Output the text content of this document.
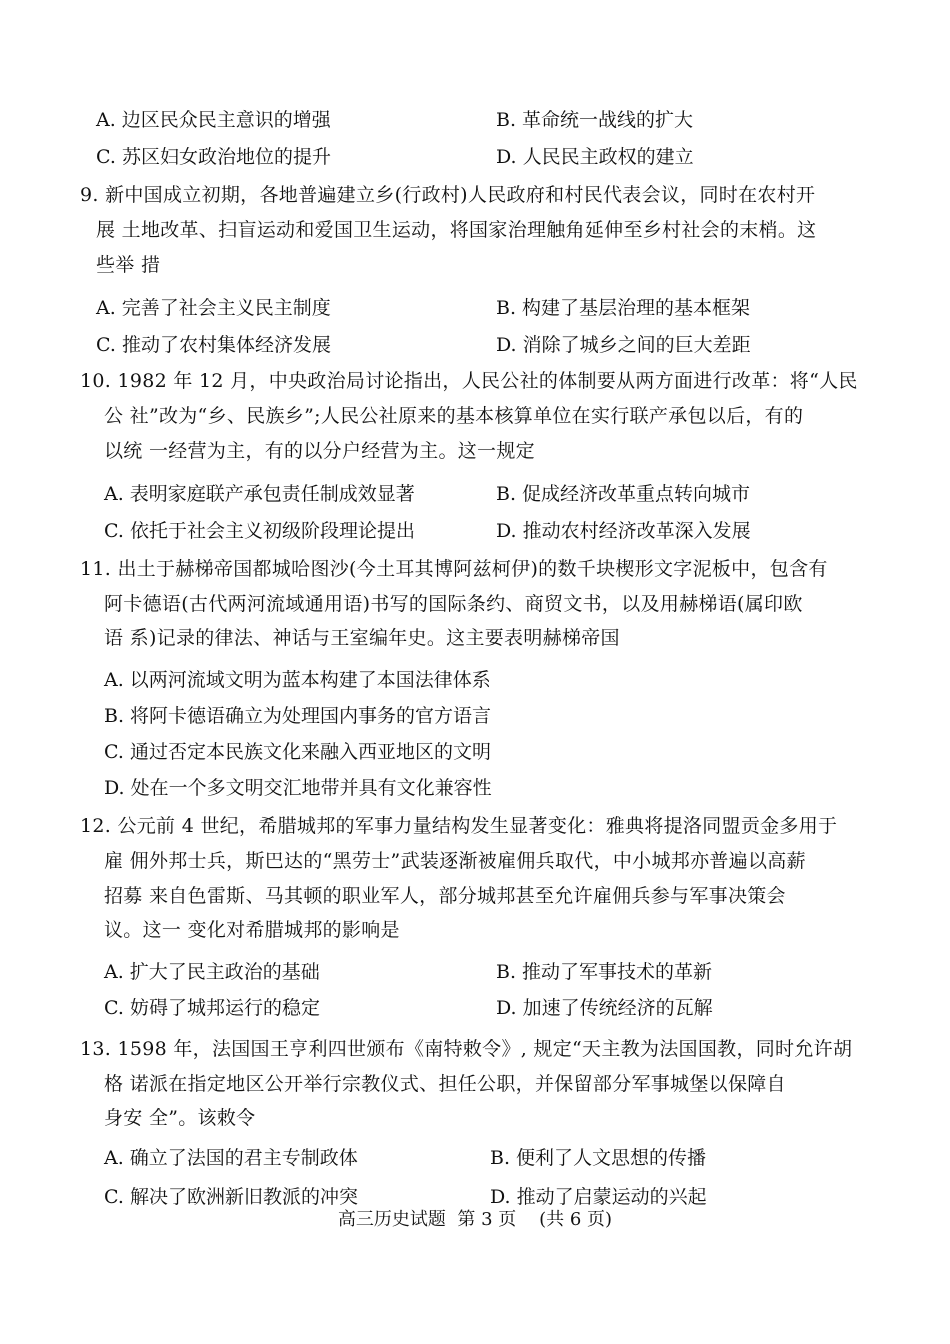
A. 边区民众民主意识的增强	B. 革命统一战线的扩大
C. 苏区妇女政治地位的提升	D. 人民民主政权的建立
9. 新中国成立初期，各地普遍建立乡(行政村)人民政府和村民代表会议，同时在农村开
展 土地改革、扫盲运动和爱国卫生运动，将国家治理触角延伸至乡村社会的末梢。这
些举 措
A. 完善了社会主义民主制度	B. 构建了基层治理的基本框架
C. 推动了农村集体经济发展	D. 消除了城乡之间的巨大差距
10. 1982 年 12 月，中央政治局讨论指出，人民公社的体制要从两方面进行改革：将“人民
公 社”改为“乡、民族乡”;人民公社原来的基本核算单位在实行联产承包以后，有的
以统 一经营为主，有的以分户经营为主。这一规定
A. 表明家庭联产承包责任制成效显著	B. 促成经济改革重点转向城市
C. 依托于社会主义初级阶段理论提出	D. 推动农村经济改革深入发展
11. 出土于赫梯帝国都城哈图沙(今土耳其博阿兹柯伊)的数千块楔形文字泥板中，包含有
阿卡德语(古代两河流域通用语)书写的国际条约、商贸文书，以及用赫梯语(属印欧
语 系)记录的律法、神话与王室编年史。这主要表明赫梯帝国
A. 以两河流域文明为蓝本构建了本国法律体系
B. 将阿卡德语确立为处理国内事务的官方语言
C. 通过否定本民族文化来融入西亚地区的文明
D. 处在一个多文明交汇地带并具有文化兼容性
12. 公元前 4 世纪，希腊城邦的军事力量结构发生显著变化：雅典将提洛同盟贡金多用于
雇 佣外邦士兵，斯巴达的“黑劳士”武装逐渐被雇佣兵取代，中小城邦亦普遍以高薪
招募 来自色雷斯、马其顿的职业军人，部分城邦甚至允许雇佣兵参与军事决策会
议。这一 变化对希腊城邦的影响是
A. 扩大了民主政治的基础	B. 推动了军事技术的革新
C. 妨碍了城邦运行的稳定	D. 加速了传统经济的瓦解
13. 1598 年，法国国王亨利四世颁布《南特敕令》, 规定“天主教为法国国教，同时允许胡
格 诺派在指定地区公开举行宗教仪式、担任公职，并保留部分军事城堡以保障自
身安 全”。该敕令
A. 确立了法国的君主专制政体	B. 便利了人文思想的传播
C. 解决了欧洲新旧教派的冲突	D. 推动了启蒙运动的兴起
高三历史试题  第 3 页    (共 6 页)
